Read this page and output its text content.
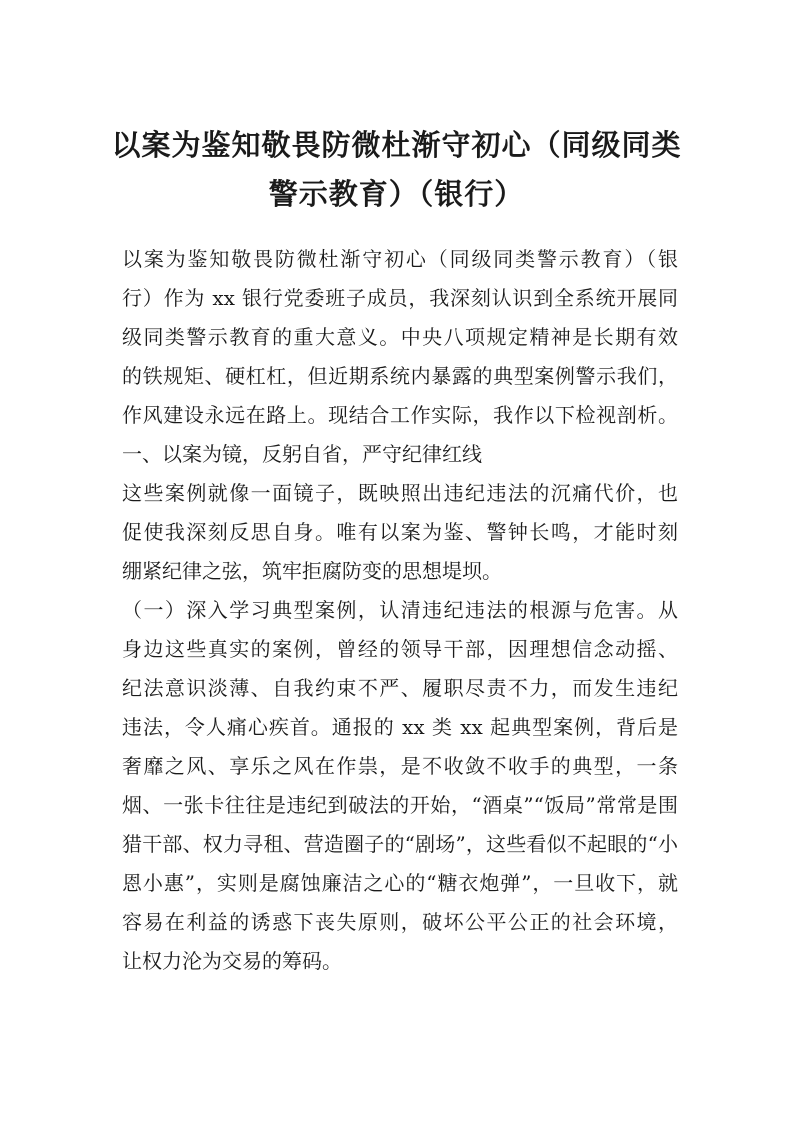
以案为鉴知敬畏防微杜渐守初心（同级同类
警示教育）（银行）
以案为鉴知敬畏防微杜渐守初心（同级同类警示教育）（银
行）作为 xx 银行党委班子成员，我深刻认识到全系统开展同
级同类警示教育的重大意义。中央八项规定精神是长期有效
的铁规矩、硬杠杠，但近期系统内暴露的典型案例警示我们，
作风建设永远在路上。现结合工作实际，我作以下检视剖析。
一、以案为镜，反躬自省，严守纪律红线
这些案例就像一面镜子，既映照出违纪违法的沉痛代价，也
促使我深刻反思自身。唯有以案为鉴、警钟长鸣，才能时刻
绷紧纪律之弦，筑牢拒腐防变的思想堤坝。
（一）深入学习典型案例，认清违纪违法的根源与危害。从
身边这些真实的案例，曾经的领导干部，因理想信念动摇、
纪法意识淡薄、自我约束不严、履职尽责不力，而发生违纪
违法，令人痛心疾首。通报的 xx 类 xx 起典型案例，背后是
奢靡之风、享乐之风在作祟，是不收敛不收手的典型，一条
烟、一张卡往往是违纪到破法的开始，“酒桌”“饭局”常常是围
猎干部、权力寻租、营造圈子的“剧场”，这些看似不起眼的“小
恩小惠”，实则是腐蚀廉洁之心的“糖衣炮弹”，一旦收下，就
容易在利益的诱惑下丧失原则，破坏公平公正的社会环境，
让权力沦为交易的筹码。
